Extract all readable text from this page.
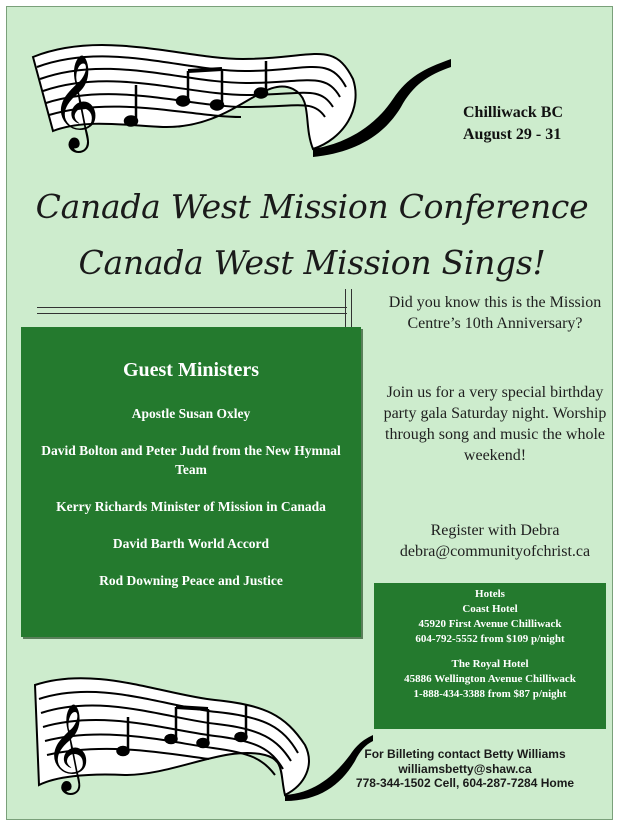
𝄞	Chilliwack BC
August 29 - 31
Canada West Mission Conference
Canada West Mission Sings!
Guest Ministers
Apostle Susan Oxley
David Bolton and Peter Judd from the New Hymnal Team
Kerry Richards Minister of Mission in Canada
David Barth World Accord
Rod Downing Peace and Justice

Did you know this is the Mission Centre’s 10th Anniversary?

Join us for a very special birthday party gala Saturday night. Worship through song and music the whole weekend!

Register with Debra

debra@communityofchrist.ca

Hotels
Coast Hotel
45920 First Avenue Chilliwack
604-792-5552 from $109 p/night
The Royal Hotel
45886 Wellington Avenue Chilliwack
1-888-434-3388 from $87 p/night
𝄞	For Billeting contact Betty Williams
williamsbetty@shaw.ca
778-344-1502 Cell, 604-287-7284 Home
